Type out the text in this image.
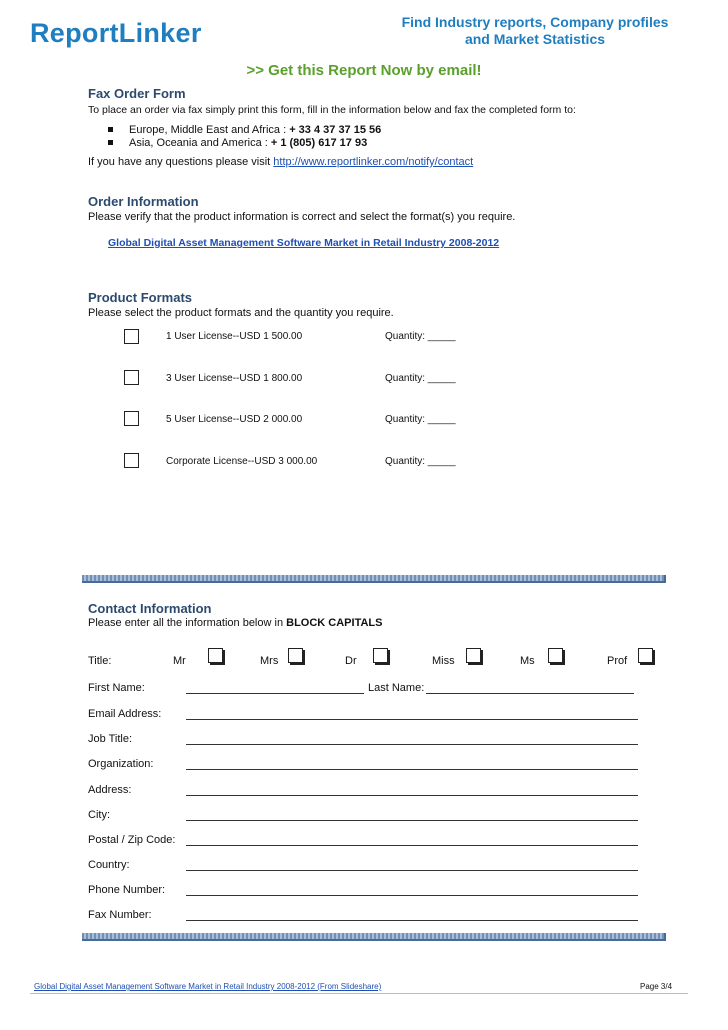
ReportLinker	Find Industry reports, Company profiles
and Market Statistics
>> Get this Report Now by email!
Fax Order Form
To place an order via fax simply print this form, fill in the information below and fax the completed form to:
Europe, Middle East and Africa : + 33 4 37 37 15 56
Asia, Oceania and America : + 1 (805) 617 17 93
If you have any questions please visit http://www.reportlinker.com/notify/contact
Order Information
Please verify that the product information is correct and select the format(s) you require.
Global Digital Asset Management Software Market in Retail Industry 2008-2012
Product Formats
Please select the product formats and the quantity you require.
1 User License--USD 1 500.00	Quantity: _____
3 User License--USD 1 800.00	Quantity: _____
5 User License--USD 2 000.00	Quantity: _____
Corporate License--USD 3 000.00	Quantity: _____
Contact Information
Please enter all the information below in BLOCK CAPITALS
Title:	Mr	Mrs	Dr	Miss	Ms	Prof
First Name:	Last Name:
Email Address:
Job Title:
Organization:
Address:
City:
Postal / Zip Code:
Country:
Phone Number:
Fax Number:
Global Digital Asset Management Software Market in Retail Industry 2008-2012 (From Slideshare)	Page 3/4
